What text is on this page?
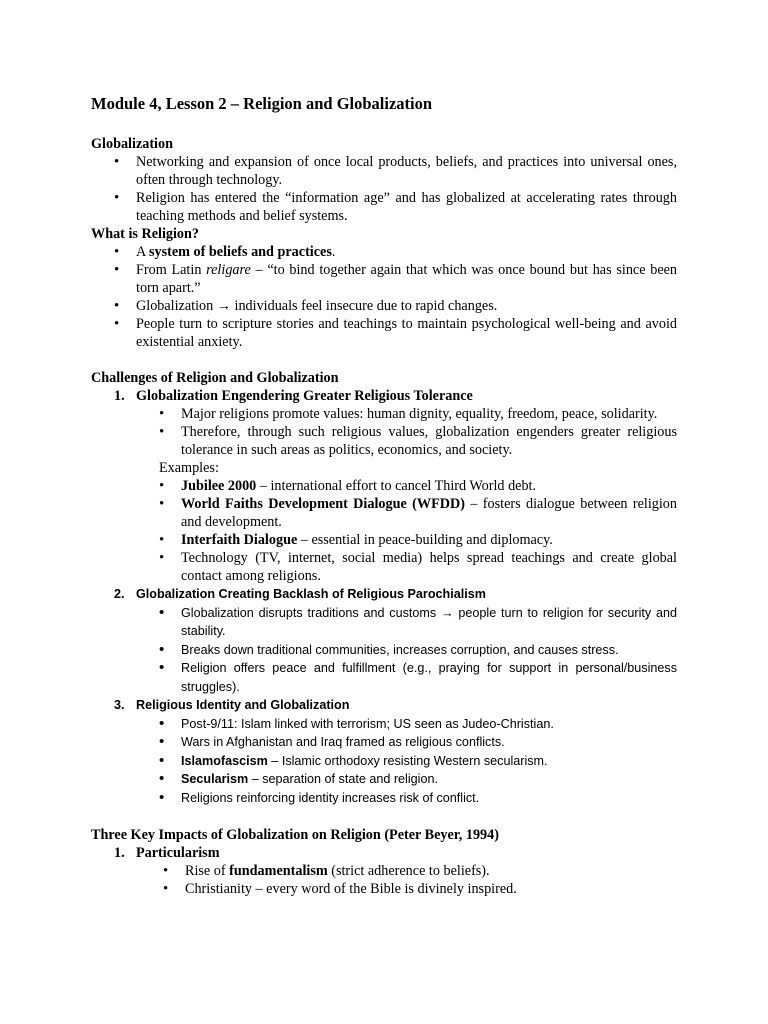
Module 4, Lesson 2 – Religion and Globalization
Globalization
• Networking and expansion of once local products, beliefs, and practices into universal ones, often through technology.
• Religion has entered the “information age” and has globalized at accelerating rates through teaching methods and belief systems.
What is Religion?
• A system of beliefs and practices.
• From Latin religare – “to bind together again that which was once bound but has since been torn apart.”
• Globalization → individuals feel insecure due to rapid changes.
• People turn to scripture stories and teachings to maintain psychological well-being and avoid existential anxiety.
Challenges of Religion and Globalization
1. Globalization Engendering Greater Religious Tolerance
• Major religions promote values: human dignity, equality, freedom, peace, solidarity.
• Therefore, through such religious values, globalization engenders greater religious tolerance in such areas as politics, economics, and society.
Examples:
• Jubilee 2000 – international effort to cancel Third World debt.
• World Faiths Development Dialogue (WFDD) – fosters dialogue between religion and development.
• Interfaith Dialogue – essential in peace-building and diplomacy.
• Technology (TV, internet, social media) helps spread teachings and create global contact among religions.
2. Globalization Creating Backlash of Religious Parochialism
• Globalization disrupts traditions and customs → people turn to religion for security and stability.
• Breaks down traditional communities, increases corruption, and causes stress.
• Religion offers peace and fulfillment (e.g., praying for support in personal/business struggles).
3. Religious Identity and Globalization
• Post-9/11: Islam linked with terrorism; US seen as Judeo-Christian.
• Wars in Afghanistan and Iraq framed as religious conflicts.
• Islamofascism – Islamic orthodoxy resisting Western secularism.
• Secularism – separation of state and religion.
• Religions reinforcing identity increases risk of conflict.
Three Key Impacts of Globalization on Religion (Peter Beyer, 1994)
1. Particularism
• Rise of fundamentalism (strict adherence to beliefs).
• Christianity – every word of the Bible is divinely inspired.
